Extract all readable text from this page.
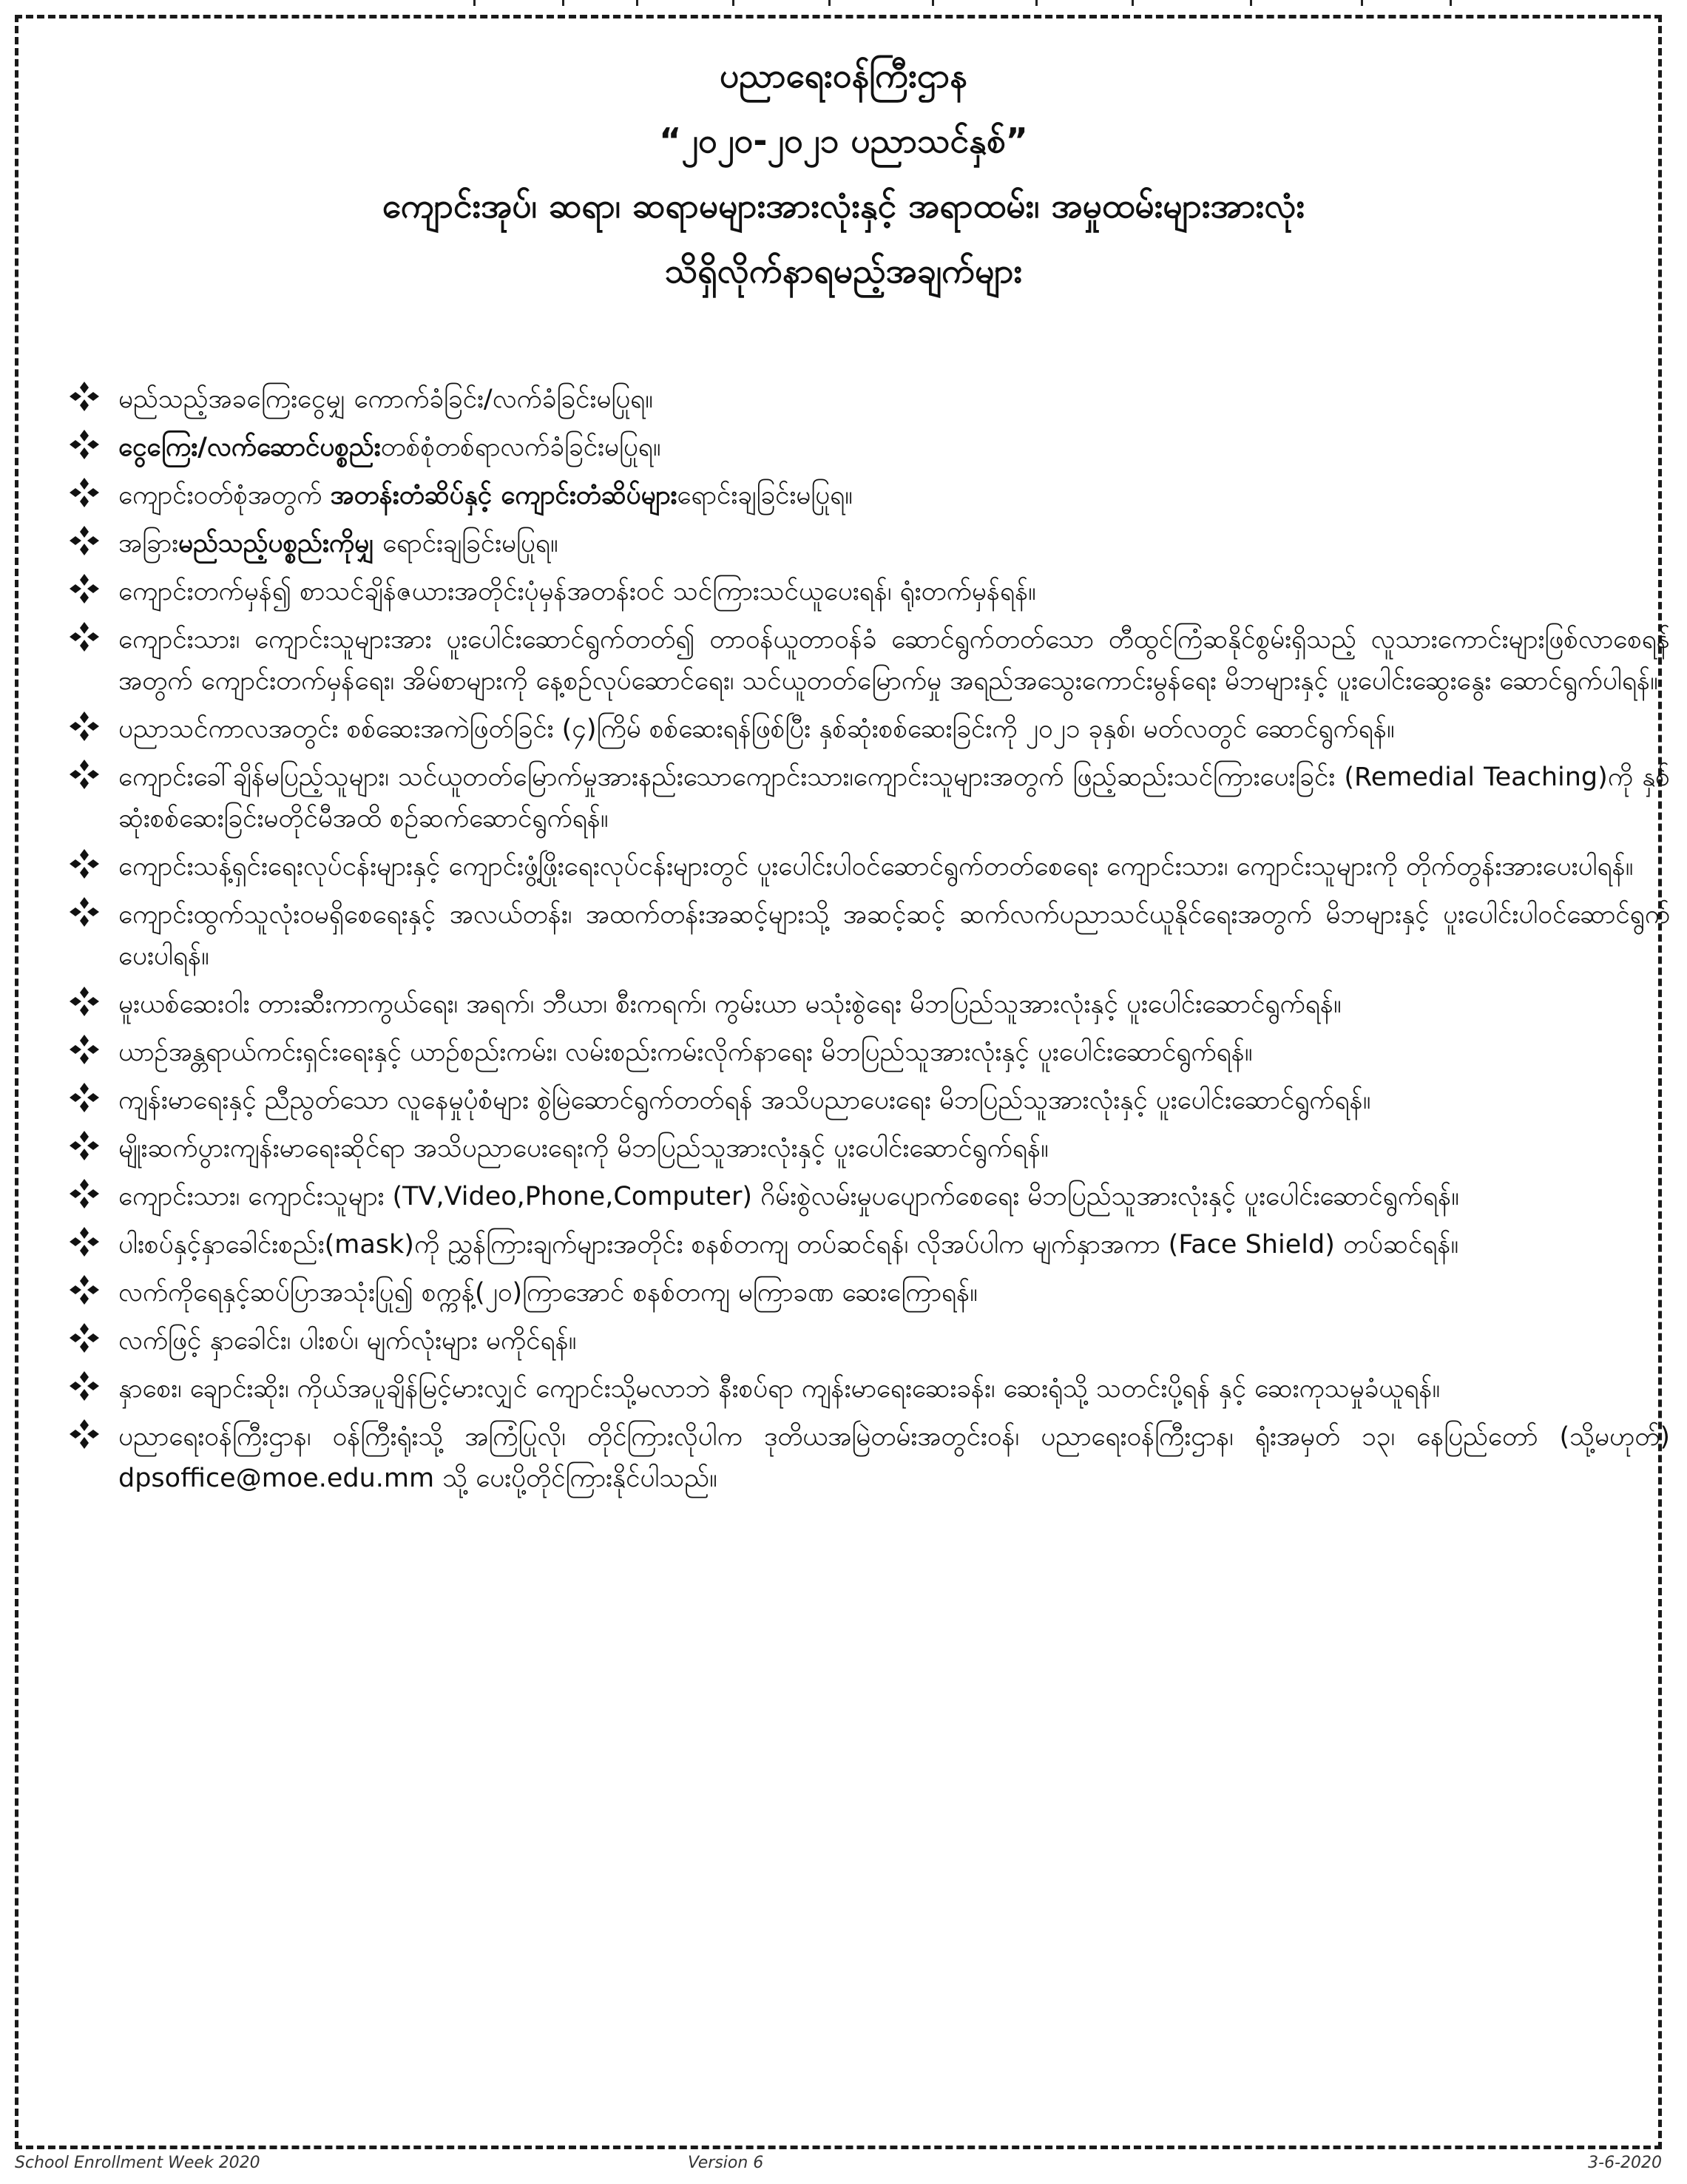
ပညာရေးဝန်ကြီးဌာန
“၂၀၂၀-၂၀၂၁ ပညာသင်နှစ်”
ကျောင်းအုပ်၊ ဆရာ၊ ဆရာမများအားလုံးနှင့် အရာထမ်း၊ အမှုထမ်းများအားလုံး
သိရှိလိုက်နာရမည့်အချက်များ
မည်သည့်အခကြေးငွေမျှ ကောက်ခံခြင်း/လက်ခံခြင်းမပြုရ။
ငွေကြေး/လက်ဆောင်ပစ္စည်းတစ်စုံတစ်ရာလက်ခံခြင်းမပြုရ။
ကျောင်းဝတ်စုံအတွက် အတန်းတံဆိပ်နှင့် ကျောင်းတံဆိပ်များရောင်းချခြင်းမပြုရ။
အခြားမည်သည့်ပစ္စည်းကိုမျှ ရောင်းချခြင်းမပြုရ။
ကျောင်းတက်မှန်၍ စာသင်ချိန်ဇယားအတိုင်းပုံမှန်အတန်းဝင် သင်ကြားသင်ယူပေးရန်၊ ရုံးတက်မှန်ရန်။
ကျောင်းသား၊ ကျောင်းသူများအား ပူးပေါင်းဆောင်ရွက်တတ်၍ တာဝန်ယူတာဝန်ခံ ဆောင်ရွက်တတ်သော တီထွင်ကြံဆနိုင်စွမ်းရှိသည့် လူသားကောင်းများဖြစ်လာစေရန်အတွက် ကျောင်းတက်မှန်ရေး၊ အိမ်စာများကို နေ့စဉ်လုပ်ဆောင်ရေး၊ သင်ယူတတ်မြောက်မှု အရည်အသွေးကောင်းမွန်ရေး မိဘများနှင့် ပူးပေါင်းဆွေးနွေး ဆောင်ရွက်ပါရန်။
ပညာသင်ကာလအတွင်း စစ်ဆေးအကဲဖြတ်ခြင်း (၄)ကြိမ် စစ်ဆေးရန်ဖြစ်ပြီး နှစ်ဆုံးစစ်ဆေးခြင်းကို ၂၀၂၁ ခုနှစ်၊ မတ်လတွင် ဆောင်ရွက်ရန်။
ကျောင်းခေါ်ချိန်မပြည့်သူများ၊ သင်ယူတတ်မြောက်မှုအားနည်းသောကျောင်းသား၊ကျောင်းသူများအတွက် ဖြည့်ဆည်းသင်ကြားပေးခြင်း (Remedial Teaching)ကို နှစ်ဆုံးစစ်ဆေးခြင်းမတိုင်မီအထိ စဉ်ဆက်ဆောင်ရွက်ရန်။
ကျောင်းသန့်ရှင်းရေးလုပ်ငန်းများနှင့် ကျောင်းဖွံ့ဖြိုးရေးလုပ်ငန်းများတွင် ပူးပေါင်းပါဝင်ဆောင်ရွက်တတ်စေရေး ကျောင်းသား၊ ကျောင်းသူများကို တိုက်တွန်းအားပေးပါရန်။
ကျောင်းထွက်သူလုံးဝမရှိစေရေးနှင့် အလယ်တန်း၊ အထက်တန်းအဆင့်များသို့ အဆင့်ဆင့် ဆက်လက်ပညာသင်ယူနိုင်ရေးအတွက် မိဘများနှင့် ပူးပေါင်းပါဝင်ဆောင်ရွက်ပေးပါရန်။
မူးယစ်ဆေးဝါး တားဆီးကာကွယ်ရေး၊ အရက်၊ ဘီယာ၊ စီးကရက်၊ ကွမ်းယာ မသုံးစွဲရေး မိဘပြည်သူအားလုံးနှင့် ပူးပေါင်းဆောင်ရွက်ရန်။
ယာဉ်အန္တရာယ်ကင်းရှင်းရေးနှင့် ယာဉ်စည်းကမ်း၊ လမ်းစည်းကမ်းလိုက်နာရေး မိဘပြည်သူအားလုံးနှင့် ပူးပေါင်းဆောင်ရွက်ရန်။
ကျန်းမာရေးနှင့် ညီညွတ်သော လူနေမှုပုံစံများ စွဲမြဲဆောင်ရွက်တတ်ရန် အသိပညာပေးရေး မိဘပြည်သူအားလုံးနှင့် ပူးပေါင်းဆောင်ရွက်ရန်။
မျိုးဆက်ပွားကျန်းမာရေးဆိုင်ရာ အသိပညာပေးရေးကို မိဘပြည်သူအားလုံးနှင့် ပူးပေါင်းဆောင်ရွက်ရန်။
ကျောင်းသား၊ ကျောင်းသူများ (TV,Video,Phone,Computer) ဂိမ်းစွဲလမ်းမှုပပျောက်စေရေး မိဘပြည်သူအားလုံးနှင့် ပူးပေါင်းဆောင်ရွက်ရန်။
ပါးစပ်နှင့်နှာခေါင်းစည်း(mask)ကို ညွှန်ကြားချက်များအတိုင်း စနစ်တကျ တပ်ဆင်ရန်၊ လိုအပ်ပါက မျက်နှာအကာ (Face Shield) တပ်ဆင်ရန်။
လက်ကိုရေနှင့်ဆပ်ပြာအသုံးပြု၍ စက္ကန့်(၂၀)ကြာအောင် စနစ်တကျ မကြာခဏ ဆေးကြောရန်။
လက်ဖြင့် နှာခေါင်း၊ ပါးစပ်၊ မျက်လုံးများ မကိုင်ရန်။
နှာစေး၊ ချောင်းဆိုး၊ ကိုယ်အပူချိန်မြင့်မားလျှင် ကျောင်းသို့မလာဘဲ နီးစပ်ရာ ကျန်းမာရေးဆေးခန်း၊ ဆေးရုံသို့ သတင်းပို့ရန် နှင့် ဆေးကုသမှုခံယူရန်။
ပညာရေးဝန်ကြီးဌာန၊ ဝန်ကြီးရုံးသို့ အကြံပြုလို၊ တိုင်ကြားလိုပါက ဒုတိယအမြဲတမ်းအတွင်းဝန်၊ ပညာရေးဝန်ကြီးဌာန၊ ရုံးအမှတ် ၁၃၊ နေပြည်တော် (သို့မဟုတ်) dpsoffice@moe.edu.mm သို့ ပေးပို့တိုင်ကြားနိုင်ပါသည်။
School Enrollment Week 2020	Version 6	3-6-2020
